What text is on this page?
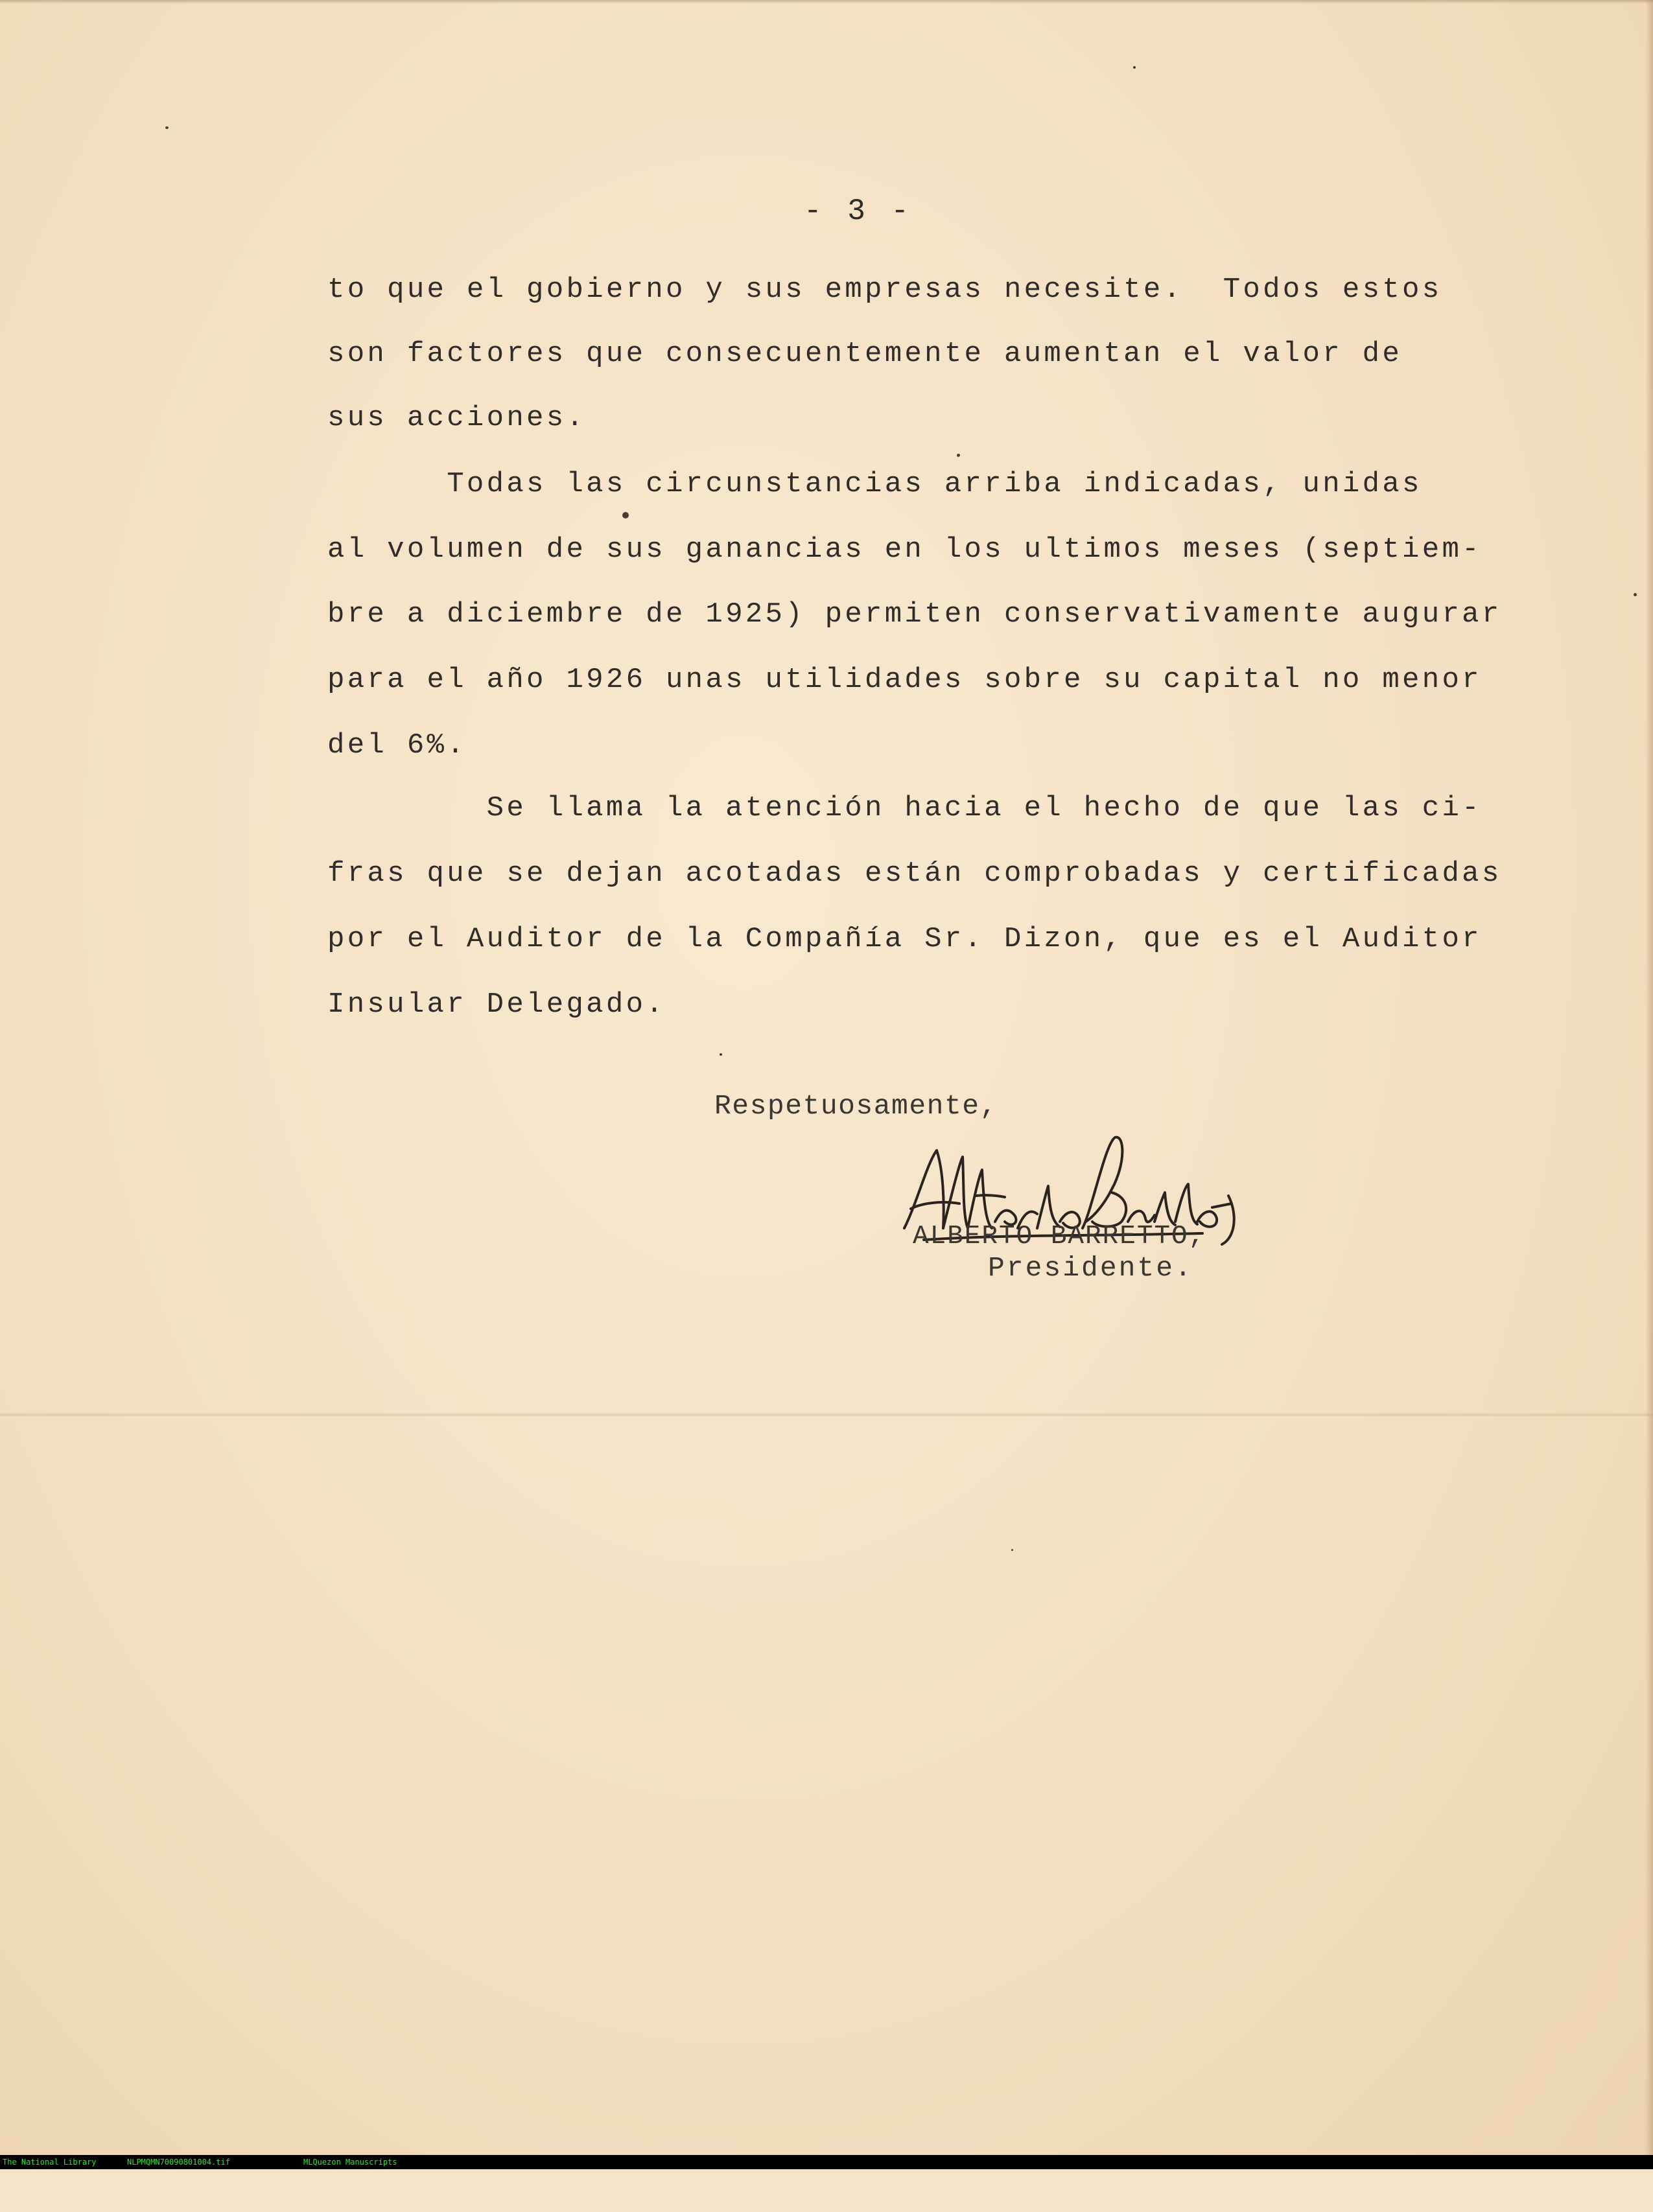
- 3 -
to que el gobierno y sus empresas necesite.  Todos estos
son factores que consecuentemente aumentan el valor de
sus acciones.
Todas las circunstancias arriba indicadas, unidas
al volumen de sus ganancias en los ultimos meses (septiem-
bre a diciembre de 1925) permiten conservativamente augurar
para el año 1926 unas utilidades sobre su capital no menor
del 6%.
Se llama la atención hacia el hecho de que las ci-
fras que se dejan acotadas están comprobadas y certificadas
por el Auditor de la Compañía Sr. Dizon, que es el Auditor
Insular Delegado.
Respetuosamente,
ALBERTO BARRETTO,
Presidente.

The National Library

	NLPMQMN70090801004.tif

	MLQuezon Manuscripts
